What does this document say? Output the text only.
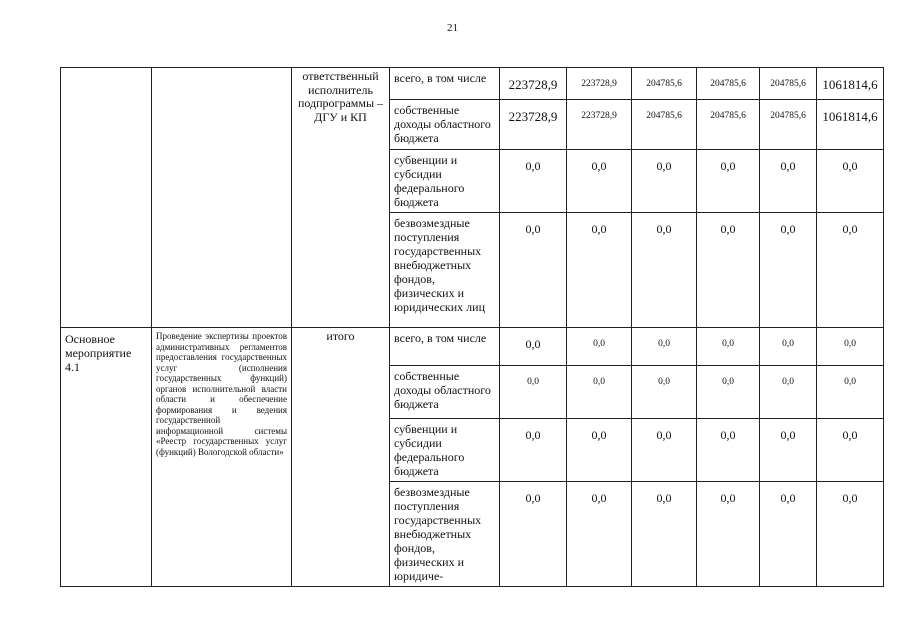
21
		ответственный исполнитель подпрограммы – ДГУ и КП	всего, в том числе	223728,9	223728,9	204785,6	204785,6	204785,6	1061814,6
			собственные доходы областного бюджета	223728,9	223728,9	204785,6	204785,6	204785,6	1061814,6
			субвенции и субсидии федерального бюджета	0,0	0,0	0,0	0,0	0,0	0,0
			безвозмездные поступления государственных внебюджетных фондов, физических и юридических лиц	0,0	0,0	0,0	0,0	0,0	0,0
Основное мероприятие 4.1	Проведение экспертизы проектов административных регламентов предоставления государственных услуг (исполнения государственных функций) органов исполнительной власти области и обеспечение формирования и ведения государственной информационной системы «Реестр государственных услуг (функций) Вологодской области»	итого	всего, в том числе	0,0	0,0	0,0	0,0	0,0	0,0
			собственные доходы областного бюджета	0,0	0,0	0,0	0,0	0,0	0,0
			субвенции и субсидии федерального бюджета	0,0	0,0	0,0	0,0	0,0	0,0
			безвозмездные поступления государственных внебюджетных фондов, физических и юридиче-	0,0	0,0	0,0	0,0	0,0	0,0
